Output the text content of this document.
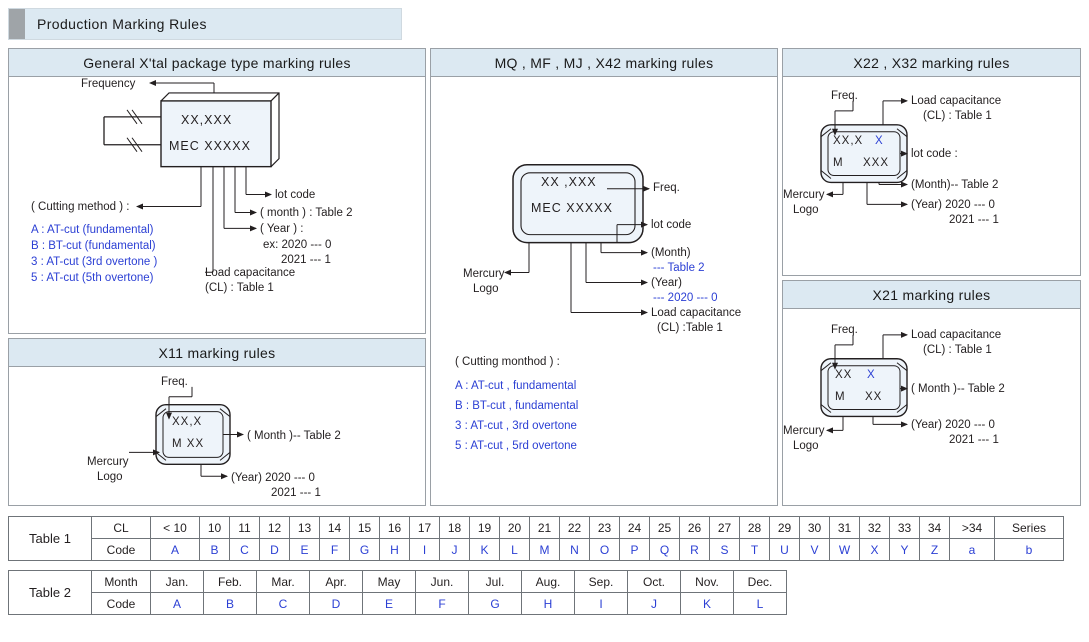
Production Marking Rules
General X'tal package type marking rules
Frequency
XX,XXX
MEC XXXXX
lot code
( month ) : Table 2
( Year ) :
ex: 2020 --- 0
2021 --- 1
Load capacitance
(CL) : Table 1
( Cutting method ) :
A : AT-cut (fundamental)
B : BT-cut (fundamental)
3 : AT-cut (3rd overtone )
5 : AT-cut (5th overtone)
X11 marking rules
Freq.
XX,X
M XX
Mercury
Logo
( Month )-- Table 2
(Year) 2020 --- 0
2021 --- 1
MQ , MF , MJ , X42 marking rules
XX ,XXX
MEC XXXXX
Freq.
lot code
(Month)
--- Table 2
(Year)
--- 2020 --- 0
Load capacitance
(CL) :Table 1
Mercury
Logo
( Cutting monthod ) :
A : AT-cut , fundamental
B : BT-cut , fundamental
3 : AT-cut , 3rd overtone
5 : AT-cut , 5rd overtone
X22 , X32 marking rules
Freq.
XX,X X
M XXX
Load capacitance
(CL) : Table 1
lot code :
(Month)-- Table 2
(Year) 2020 --- 0
2021 --- 1
Mercury
Logo
X21 marking rules
Freq.
XX X
M XX
Load capacitance
(CL) : Table 1
( Month )-- Table 2
(Year) 2020 --- 0
2021 --- 1
Mercury
Logo
Table 1	CL	< 10	10	11	12	13	14	15	16	17	18	19	20	21	22	23	24	25	26	27	28	29	30	31	32	33	34	>34	Series
	Code	A	B	C	D	E	F	G	H	I	J	K	L	M	N	O	P	Q	R	S	T	U	V	W	X	Y	Z	a	b
Table 2	Month	Jan.	Feb.	Mar.	Apr.	May	Jun.	Jul.	Aug.	Sep.	Oct.	Nov.	Dec.
	Code	A	B	C	D	E	F	G	H	I	J	K	L
